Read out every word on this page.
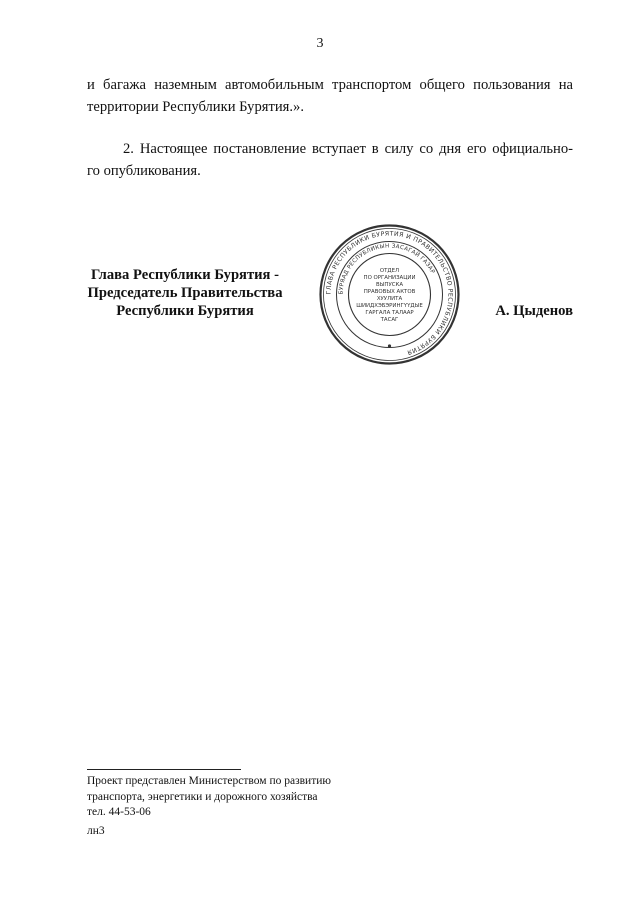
3
и багажа наземным автомобильным транспортом общего пользования на
территории Республики Бурятия.».
2. Настоящее постановление вступает в силу со дня его официально-
го опубликования.
Глава Республики Бурятия -
Председатель Правительства
Республики Бурятия
ГЛАВА РЕСПУБЛИКИ БУРЯТИЯ И ПРАВИТЕЛЬСТВО РЕСПУБЛИКИ БУРЯТИЯ
БУРЯАД РЕСПУБЛИКЫН ЗАСАГАЙ ГАЗАР
ОТДЕЛ
ПО ОРГАНИЗАЦИИ
ВЫПУСКА
ПРАВОВЫХ АКТОВ
ХУУЛИТА
ШИИДХЭБЭРИНГҮҮДЫЕ
ГАРГАЛА ТАЛААР
ТАСАГ
А. Цыденов
Проект представлен Министерством по развитию
транспорта, энергетики и дорожного хозяйства
тел. 44-53-06
лн3
